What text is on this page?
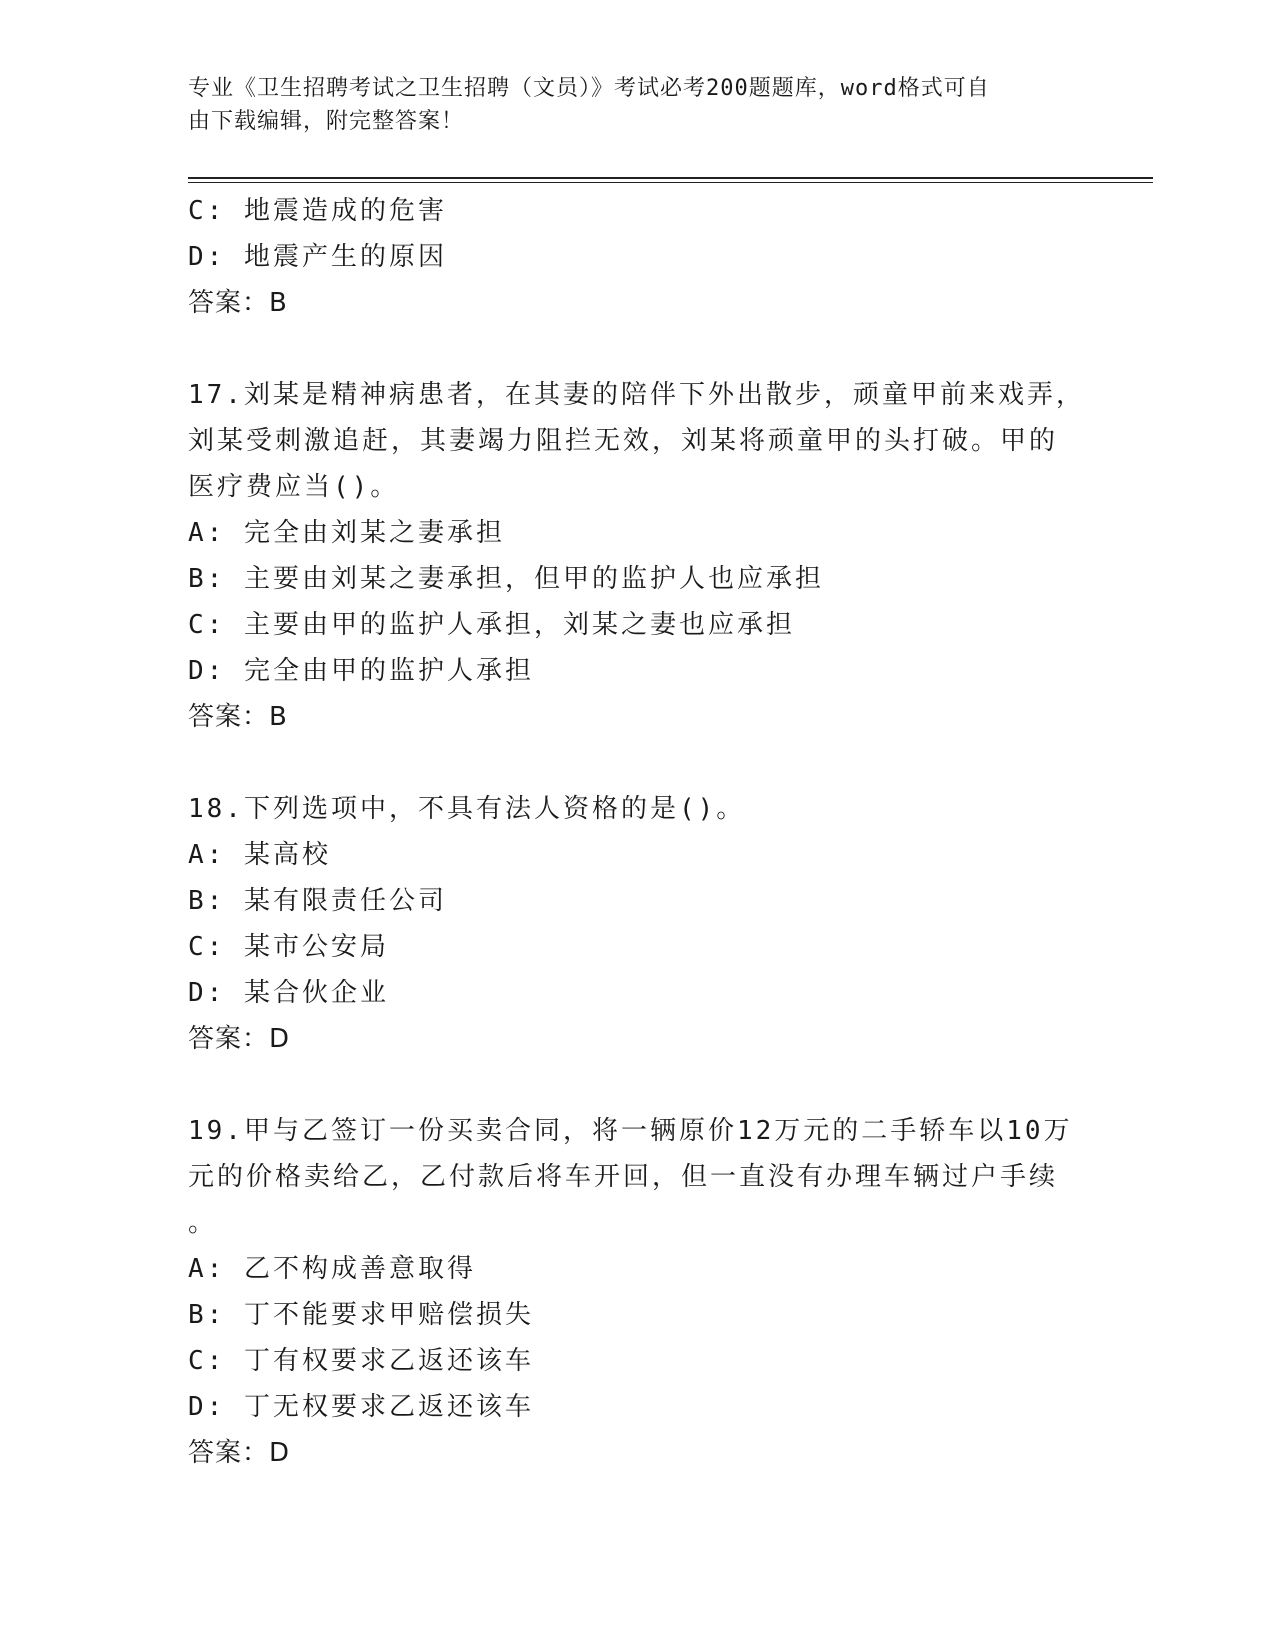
专业《卫生招聘考试之卫生招聘（文员）》考试必考200题题库，word格式可自
由下载编辑，附完整答案！
C: 地震造成的危害
D: 地震产生的原因
答案：B
17.刘某是精神病患者，在其妻的陪伴下外出散步，顽童甲前来戏弄，
刘某受刺激追赶，其妻竭力阻拦无效，刘某将顽童甲的头打破。甲的
医疗费应当()。
A: 完全由刘某之妻承担
B: 主要由刘某之妻承担，但甲的监护人也应承担
C: 主要由甲的监护人承担，刘某之妻也应承担
D: 完全由甲的监护人承担
答案：B
18.下列选项中，不具有法人资格的是()。
A: 某高校
B: 某有限责任公司
C: 某市公安局
D: 某合伙企业
答案：D
19.甲与乙签订一份买卖合同，将一辆原价12万元的二手轿车以10万
元的价格卖给乙，乙付款后将车开回，但一直没有办理车辆过户手续
。
A: 乙不构成善意取得
B: 丁不能要求甲赔偿损失
C: 丁有权要求乙返还该车
D: 丁无权要求乙返还该车
答案：D
